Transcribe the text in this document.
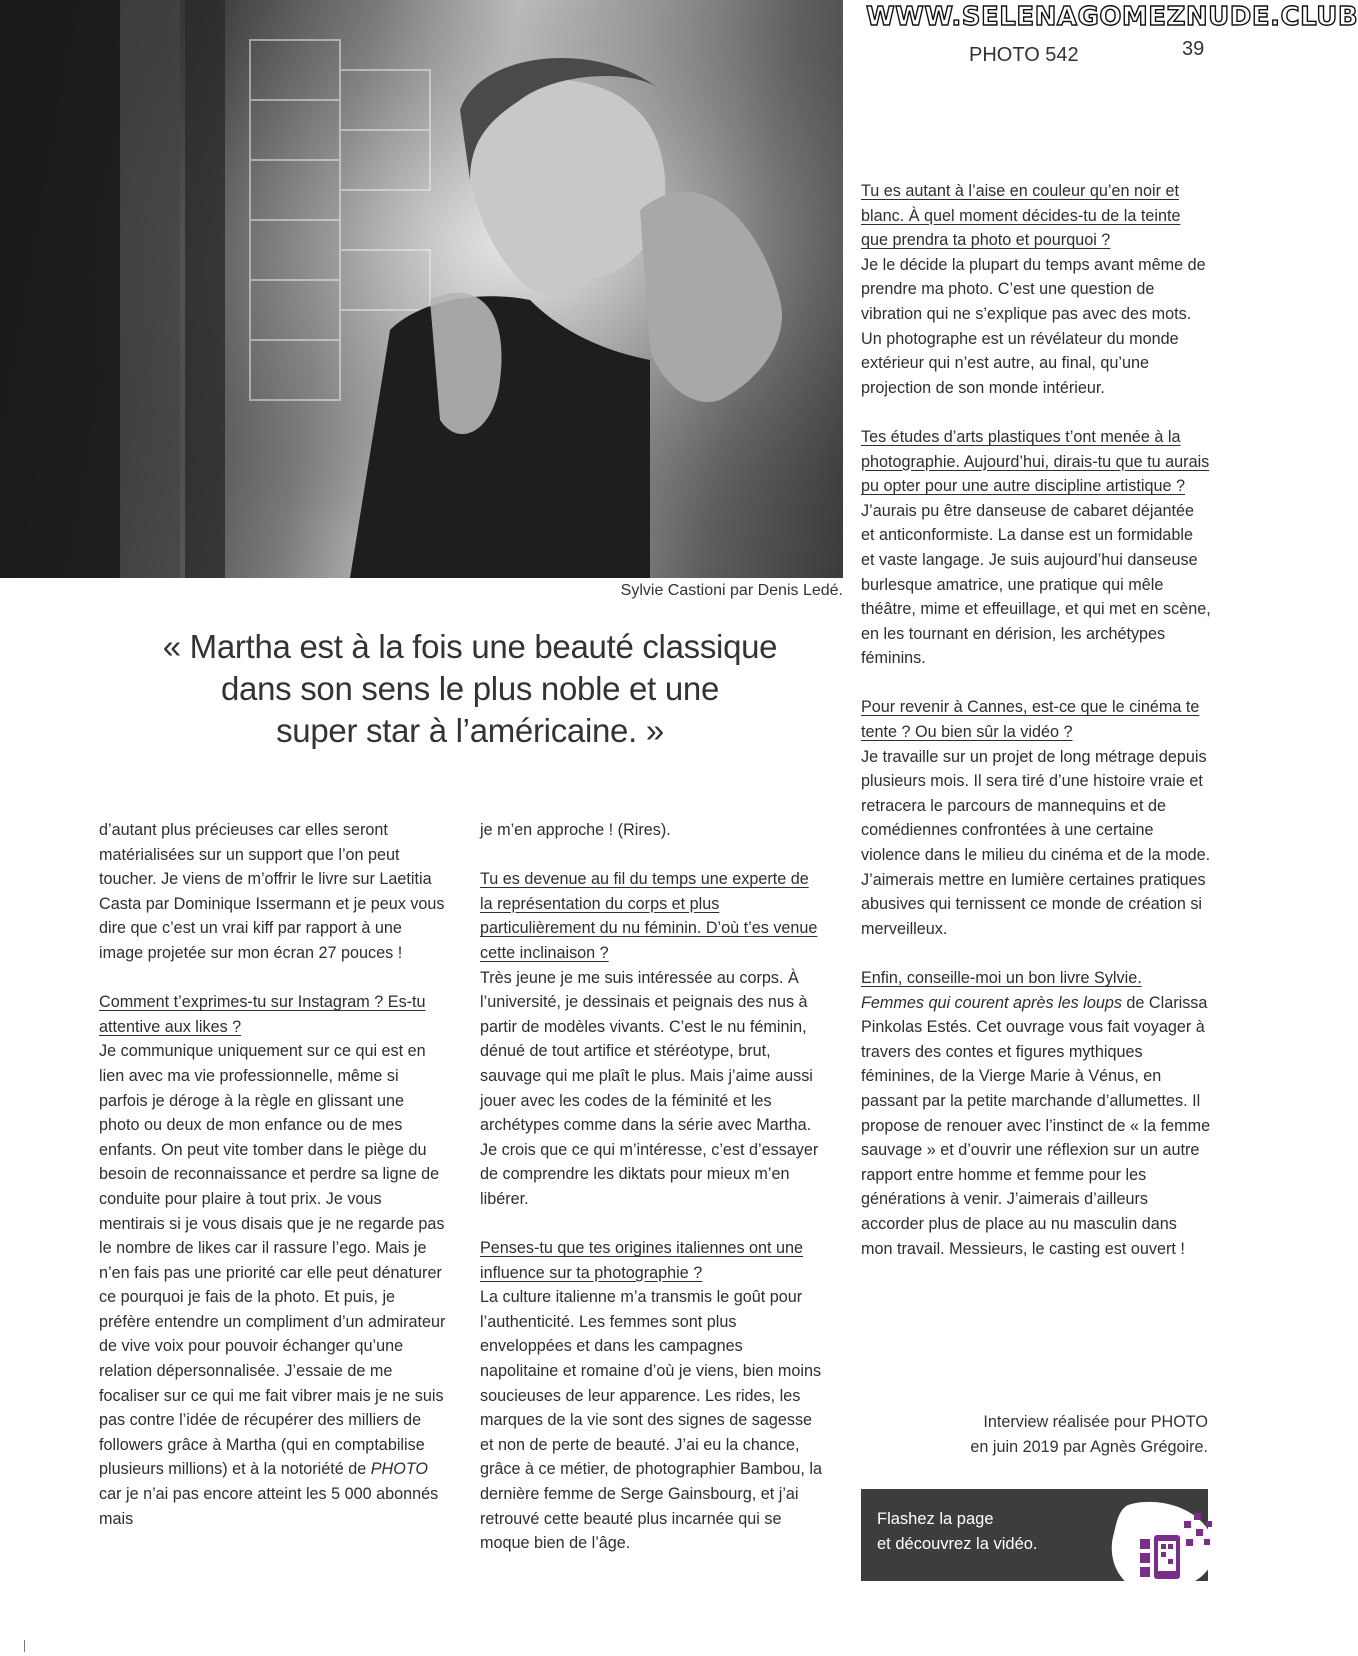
WWW.SELENAGOMEZNUDE.CLUB
PHOTO 542	39
Sylvie Castioni par Denis Ledé.
« Martha est à la fois une beauté classique
dans son sens le plus noble et une
super star à l’américaine. »

d’autant plus précieuses car elles seront matérialisées sur un support que l’on peut toucher. Je viens de m’offrir le livre sur Laetitia Casta par Dominique Issermann et je peux vous dire que c’est un vrai kiff par rapport à une image projetée sur mon écran 27 pouces !

Comment t’exprimes-tu sur Instagram ? Es-tu attentive aux likes ?
Je communique uniquement sur ce qui est en lien avec ma vie professionnelle, même si parfois je déroge à la règle en glissant une photo ou deux de mon enfance ou de mes enfants. On peut vite tomber dans le piège du besoin de reconnaissance et perdre sa ligne de conduite pour plaire à tout prix. Je vous mentirais si je vous disais que je ne regarde pas le nombre de likes car il rassure l’ego. Mais je n’en fais pas une priorité car elle peut dénaturer ce pourquoi je fais de la photo. Et puis, je préfère entendre un compliment d’un admirateur de vive voix pour pouvoir échanger qu’une relation dépersonnalisée. J’essaie de me focaliser sur ce qui me fait vibrer mais je ne suis pas contre l’idée de récupérer des milliers de followers grâce à Martha (qui en comptabilise plusieurs millions) et à la notoriété de PHOTO car je n’ai pas encore atteint les 5 000 abonnés mais

je m’en approche ! (Rires).

Tu es devenue au fil du temps une experte de la représentation du corps et plus particulièrement du nu féminin. D’où t’es venue cette inclinaison ?
Très jeune je me suis intéressée au corps. À l’université, je dessinais et peignais des nus à partir de modèles vivants. C’est le nu féminin, dénué de tout artifice et stéréotype, brut, sauvage qui me plaît le plus. Mais j’aime aussi jouer avec les codes de la féminité et les archétypes comme dans la série avec Martha. Je crois que ce qui m’intéresse, c’est d’essayer de comprendre les diktats pour mieux m’en libérer.

Penses-tu que tes origines italiennes ont une influence sur ta photographie ?
La culture italienne m’a transmis le goût pour l’authenticité. Les femmes sont plus enveloppées et dans les campagnes napolitaine et romaine d’où je viens, bien moins soucieuses de leur apparence. Les rides, les marques de la vie sont des signes de sagesse et non de perte de beauté. J’ai eu la chance, grâce à ce métier, de photographier Bambou, la dernière femme de Serge Gainsbourg, et j’ai retrouvé cette beauté plus incarnée qui se moque bien de l’âge.

Tu es autant à l’aise en couleur qu’en noir et blanc. À quel moment décides-tu de la teinte que prendra ta photo et pourquoi ?
Je le décide la plupart du temps avant même de prendre ma photo. C’est une question de vibration qui ne s’explique pas avec des mots. Un photographe est un révélateur du monde extérieur qui n’est autre, au final, qu’une projection de son monde intérieur.

Tes études d’arts plastiques t’ont menée à la photographie. Aujourd’hui, dirais-tu que tu aurais pu opter pour une autre discipline artistique ?
J’aurais pu être danseuse de cabaret déjantée et anticonformiste. La danse est un formidable et vaste langage. Je suis aujourd’hui danseuse burlesque amatrice, une pratique qui mêle théâtre, mime et effeuillage, et qui met en scène, en les tournant en dérision, les archétypes féminins.

Pour revenir à Cannes, est-ce que le cinéma te tente ? Ou bien sûr la vidéo ?
Je travaille sur un projet de long métrage depuis plusieurs mois. Il sera tiré d’une histoire vraie et retracera le parcours de mannequins et de comédiennes confrontées à une certaine violence dans le milieu du cinéma et de la mode. J’aimerais mettre en lumière certaines pratiques abusives qui ternissent ce monde de création si merveilleux.

Enfin, conseille-moi un bon livre Sylvie.
Femmes qui courent après les loups de Clarissa Pinkolas Estés. Cet ouvrage vous fait voyager à travers des contes et figures mythiques féminines, de la Vierge Marie à Vénus, en passant par la petite marchande d’allumettes. Il propose de renouer avec l’instinct de « la femme sauvage » et d’ouvrir une réflexion sur un autre rapport entre homme et femme pour les générations à venir. J’aimerais d’ailleurs accorder plus de place au nu masculin dans mon travail. Messieurs, le casting est ouvert !

Interview réalisée pour PHOTO
en juin 2019 par Agnès Grégoire.
Flashez la page
et découvrez la vidéo.
